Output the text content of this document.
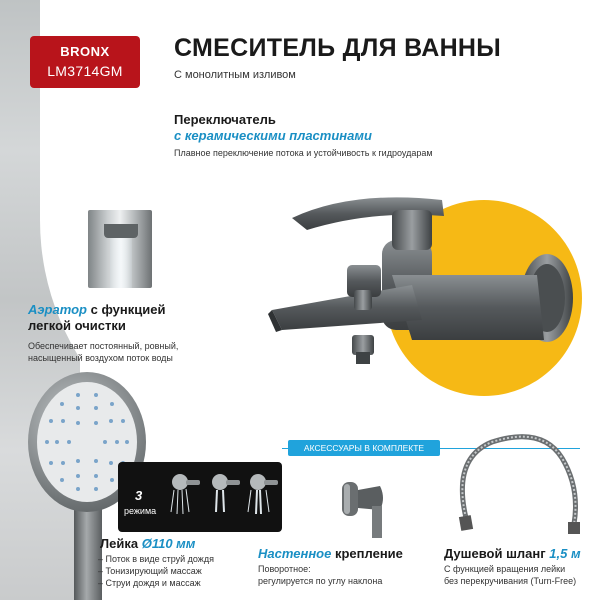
BRONX
LM3714GM
СМЕСИТЕЛЬ ДЛЯ ВАННЫ
С монолитным изливом
Переключатель
с керамическими пластинами
Плавное переключение потока и устойчивость к гидроударам
Аэратор с функцией
легкой очистки
Обеспечивает постоянный, ровный,
насыщенный воздухом поток воды
3
режима
Лейка Ø110 мм
– Поток в виде струй дождя
– Тонизирующий массаж
– Струи дождя и массаж
АКСЕССУАРЫ В КОМПЛЕКТЕ
Настенное крепление
Поворотное:
регулируется по углу наклона
Душевой шланг 1,5 м
С функцией вращения лейки
без перекручивания (Turn-Free)
